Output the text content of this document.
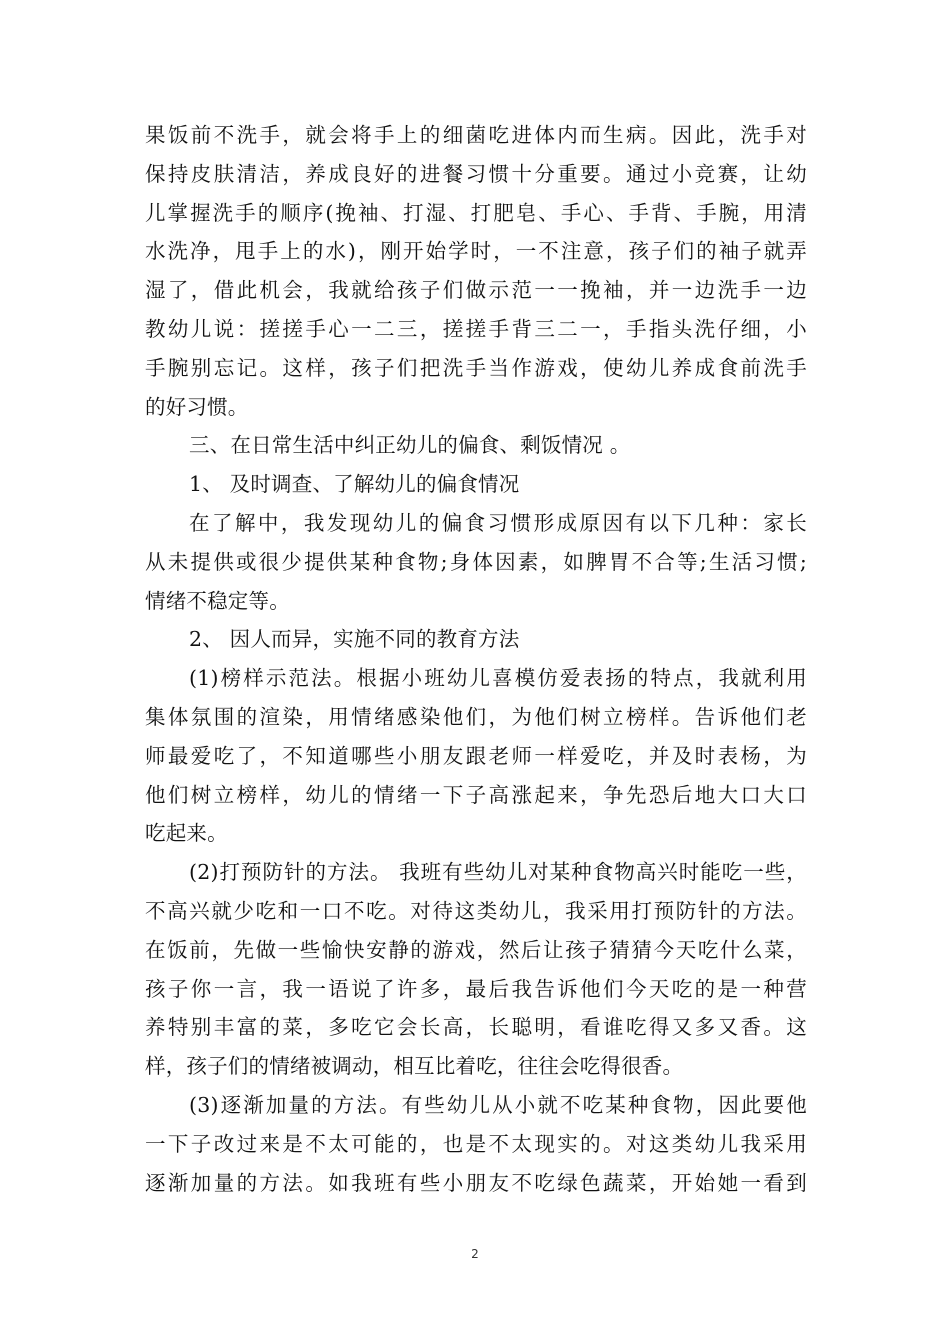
果饭前不洗手，就会将手上的细菌吃进体内而生病。因此，洗手对
保持皮肤清洁，养成良好的进餐习惯十分重要。通过小竞赛，让幼
儿掌握洗手的顺序(挽袖、打湿、打肥皂、手心、手背、手腕，用清
水洗净，甩手上的水)，刚开始学时，一不注意，孩子们的袖子就弄
湿了，借此机会，我就给孩子们做示范一一挽袖，并一边洗手一边
教幼儿说：搓搓手心一二三，搓搓手背三二一，手指头洗仔细，小
手腕别忘记。这样，孩子们把洗手当作游戏，使幼儿养成食前洗手
的好习惯。
三、在日常生活中纠正幼儿的偏食、剩饭情况 。
1、 及时调查、了解幼儿的偏食情况
在了解中，我发现幼儿的偏食习惯形成原因有以下几种：家长
从未提供或很少提供某种食物;身体因素，如脾胃不合等;生活习惯;
情绪不稳定等。
2、 因人而异，实施不同的教育方法
(1)榜样示范法。根据小班幼儿喜模仿爱表扬的特点，我就利用
集体氛围的渲染，用情绪感染他们，为他们树立榜样。告诉他们老
师最爱吃了，不知道哪些小朋友跟老师一样爱吃，并及时表杨，为
他们树立榜样，幼儿的情绪一下子高涨起来，争先恐后地大口大口
吃起来。
(2)打预防针的方法。 我班有些幼儿对某种食物高兴时能吃一些，
不高兴就少吃和一口不吃。对待这类幼儿，我采用打预防针的方法。
在饭前，先做一些愉快安静的游戏，然后让孩子猜猜今天吃什么菜，
孩子你一言，我一语说了许多，最后我告诉他们今天吃的是一种营
养特别丰富的菜，多吃它会长高，长聪明，看谁吃得又多又香。这
样，孩子们的情绪被调动，相互比着吃，往往会吃得很香。
(3)逐渐加量的方法。有些幼儿从小就不吃某种食物，因此要他
一下子改过来是不太可能的，也是不太现实的。对这类幼儿我采用
逐渐加量的方法。如我班有些小朋友不吃绿色蔬菜，开始她一看到
2
